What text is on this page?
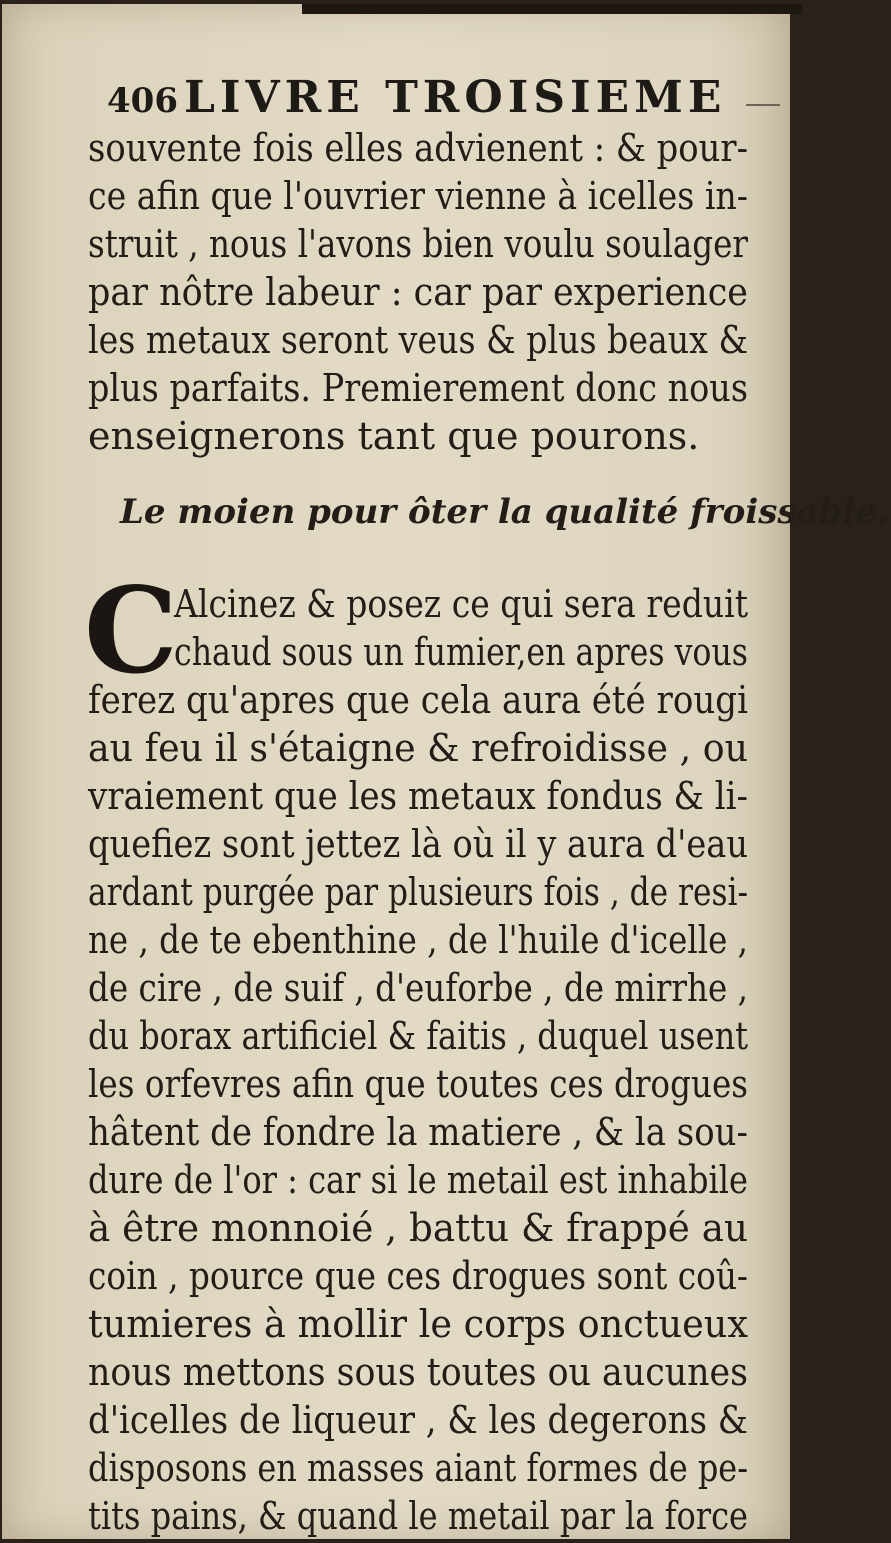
406 LIVRE TROISIEME
souvente fois elles advienent : & pour-
ce afin que l'ouvrier vienne à icelles in-
struit , nous l'avons bien voulu soulager
par nôtre labeur : car par experience
les metaux seront veus & plus beaux &
plus parfaits. Premierement donc nous
enseignerons tant que pourons.
Le moien pour ôter la qualité froissable.
C
Alcinez & posez ce qui sera reduit
chaud sous un fumier,en apres vous
ferez qu'apres que cela aura été rougi
au feu il s'étaigne & refroidisse , ou
vraiement que les metaux fondus & li-
quefiez sont jettez là où il y aura d'eau
ardant purgée par plusieurs fois , de resi-
ne , de te ebenthine , de l'huile d'icelle ,
de cire , de suif , d'euforbe , de mirrhe ,
du borax artificiel & faitis , duquel usent
les orfevres afin que toutes ces drogues
hâtent de fondre la matiere , & la sou-
dure de l'or : car si le metail est inhabile
à être monnoié , battu & frappé au
coin , pource que ces drogues sont coû-
tumieres à mollir le corps onctueux
nous mettons sous toutes ou aucunes
d'icelles de liqueur , & les degerons &
disposons en masses aiant formes de pe-
tits pains, & quand le metail par la force
